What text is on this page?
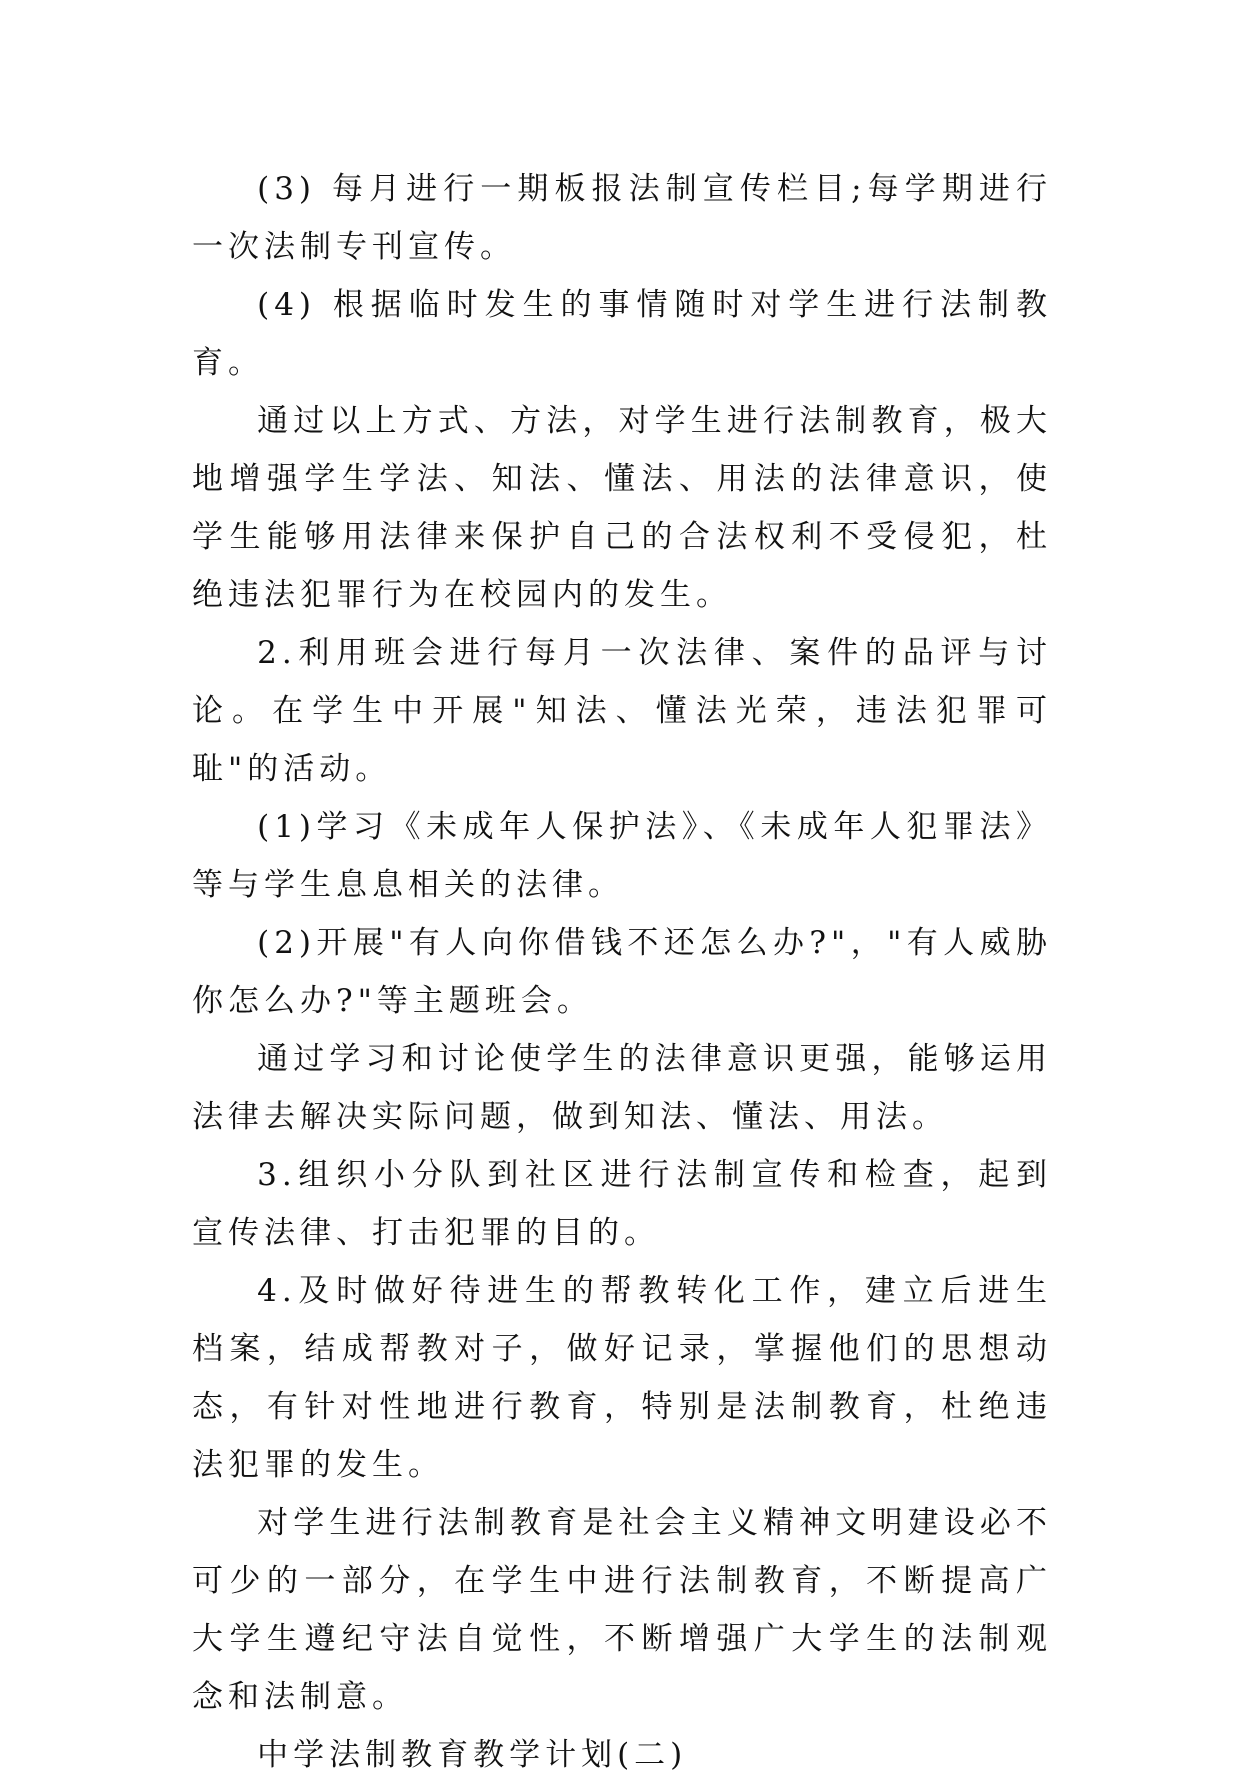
(3) 每月进行一期板报法制宣传栏目;每学期进行一次法制专刊宣传。

(4) 根据临时发生的事情随时对学生进行法制教育。

通过以上方式、方法，对学生进行法制教育，极大地增强学生学法、知法、懂法、用法的法律意识，使学生能够用法律来保护自己的合法权利不受侵犯，杜绝违法犯罪行为在校园内的发生。

2.利用班会进行每月一次法律、案件的品评与讨论。在学生中开展"知法、懂法光荣，违法犯罪可耻"的活动。

(1)学习《未成年人保护法》、《未成年人犯罪法》等与学生息息相关的法律。

(2)开展"有人向你借钱不还怎么办?"，"有人威胁你怎么办?"等主题班会。

通过学习和讨论使学生的法律意识更强，能够运用法律去解决实际问题，做到知法、懂法、用法。

3.组织小分队到社区进行法制宣传和检查，起到宣传法律、打击犯罪的目的。

4.及时做好待进生的帮教转化工作，建立后进生档案，结成帮教对子，做好记录，掌握他们的思想动态，有针对性地进行教育，特别是法制教育，杜绝违法犯罪的发生。

对学生进行法制教育是社会主义精神文明建设必不可少的一部分，在学生中进行法制教育，不断提高广大学生遵纪守法自觉性，不断增强广大学生的法制观念和法制意。

中学法制教育教学计划(二)
